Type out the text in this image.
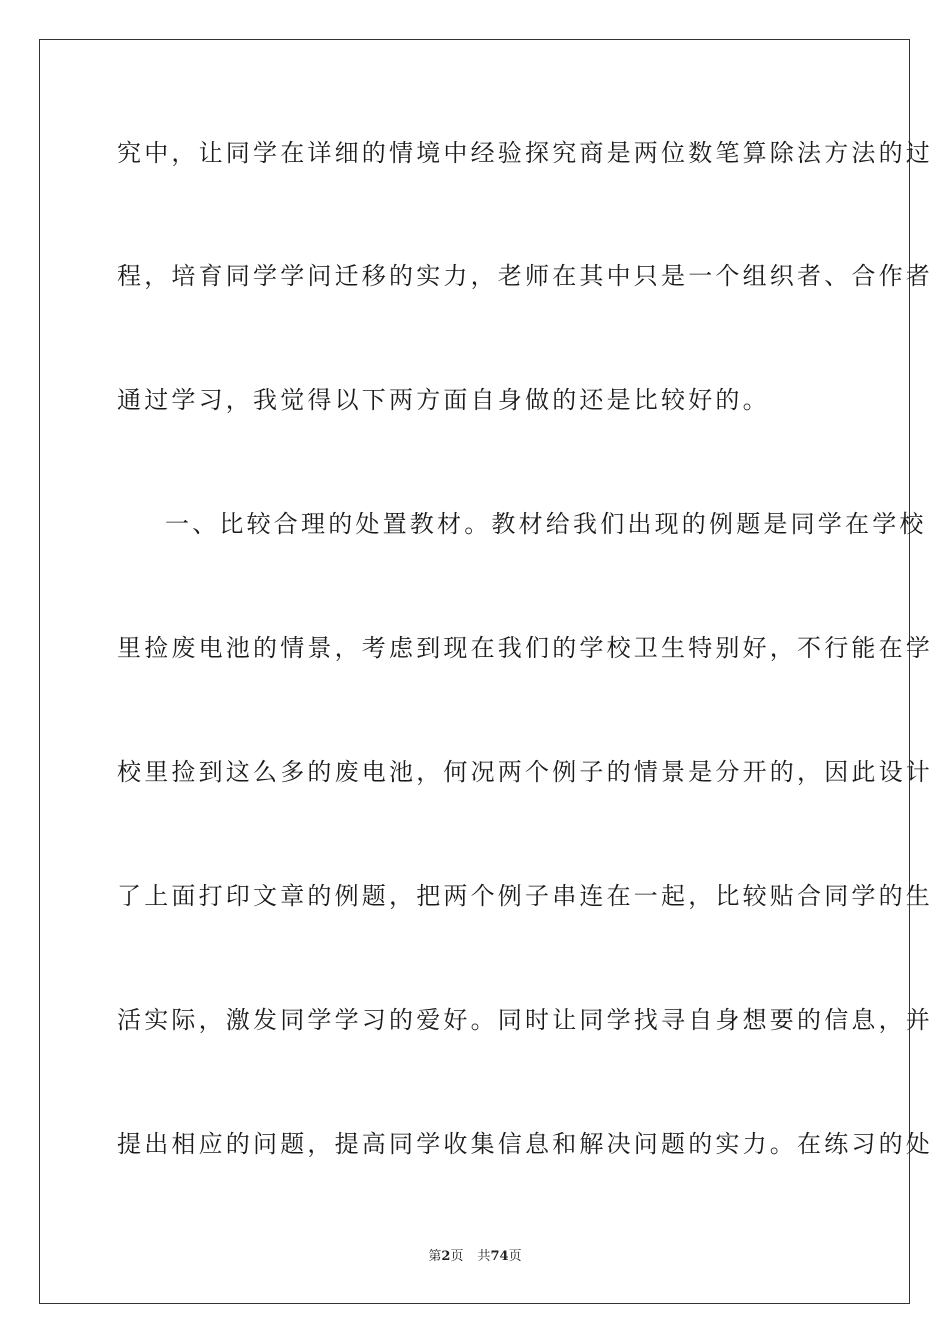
究中，让同学在详细的情境中经验探究商是两位数笔算除法方法的过
程，培育同学学问迁移的实力，老师在其中只是一个组织者、合作者
通过学习，我觉得以下两方面自身做的还是比较好的。
一、比较合理的处置教材。教材给我们出现的例题是同学在学校
里捡废电池的情景，考虑到现在我们的学校卫生特别好，不行能在学
校里捡到这么多的废电池，何况两个例子的情景是分开的，因此设计
了上面打印文章的例题，把两个例子串连在一起，比较贴合同学的生
活实际，激发同学学习的爱好。同时让同学找寻自身想要的信息，并
提出相应的问题，提高同学收集信息和解决问题的实力。在练习的处
第2页 共74页
